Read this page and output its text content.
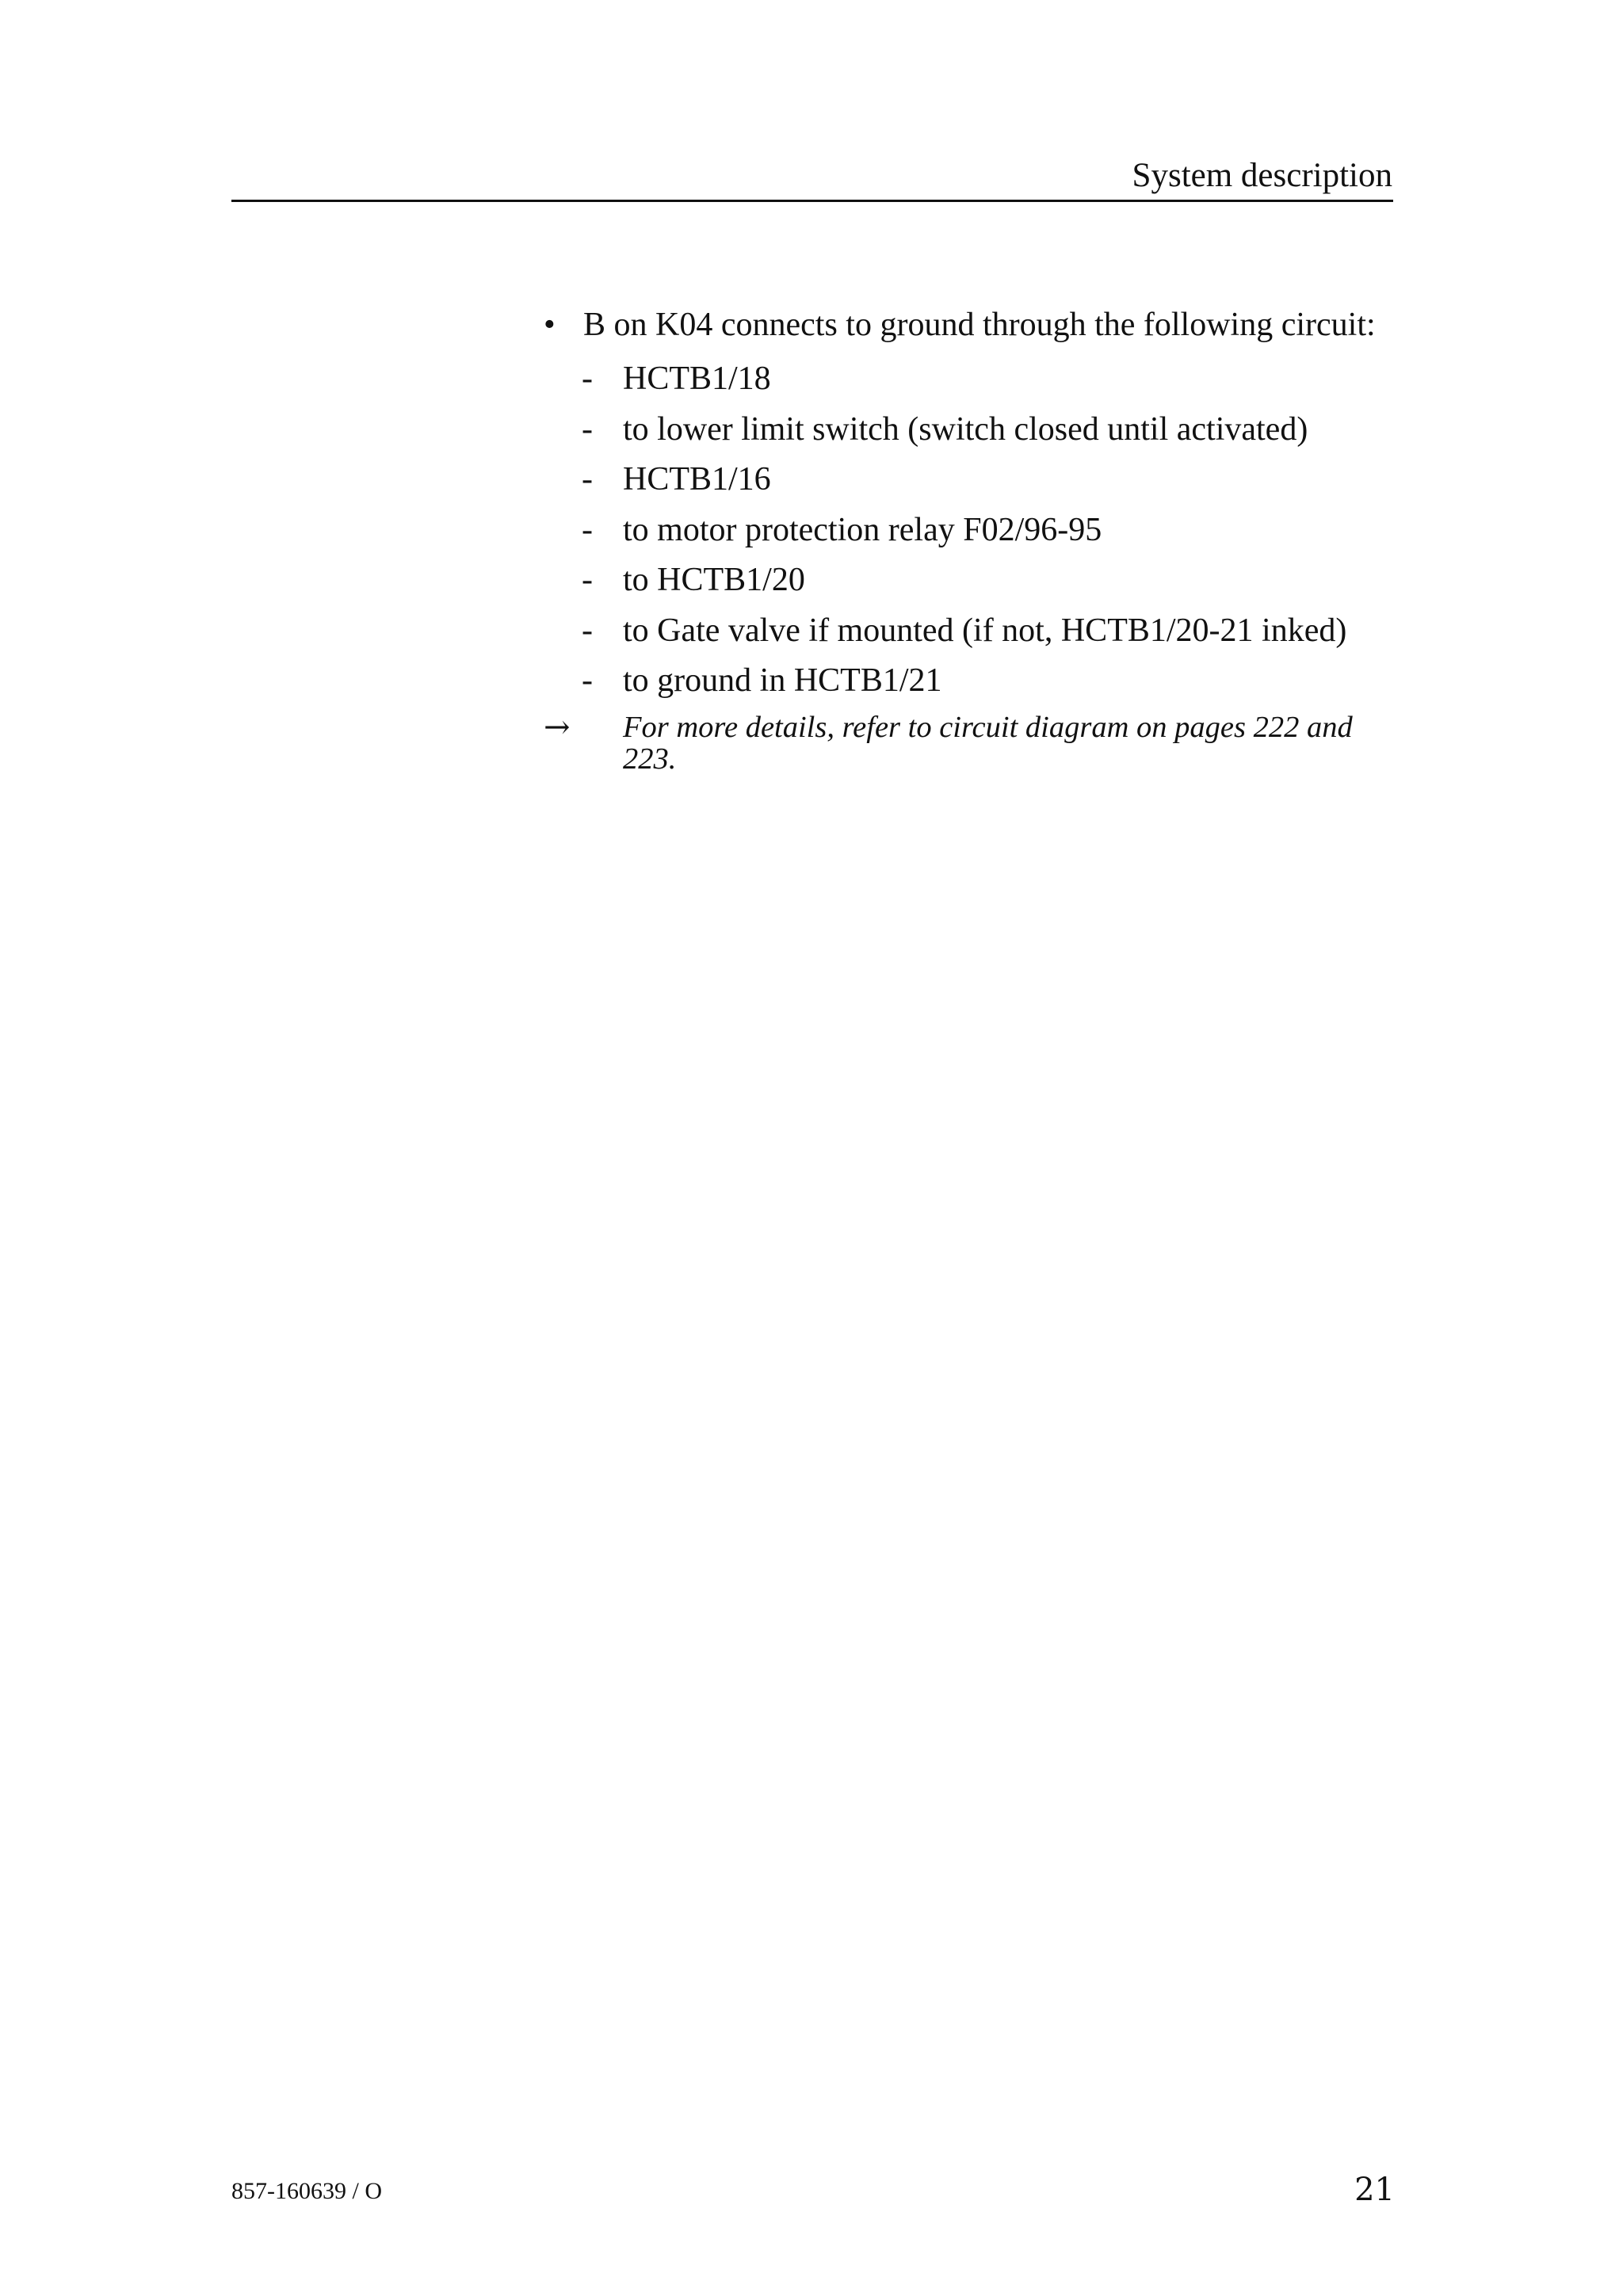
System description
• B on K04 connects to ground through the following circuit:
- HCTB1/18
- to lower limit switch (switch closed until activated)
- HCTB1/16
- to motor protection relay F02/96-95
- to HCTB1/20
- to Gate valve if mounted (if not, HCTB1/20-21 inked)
- to ground in HCTB1/21
→ For more details, refer to circuit diagram on pages 222 and 223.
857-160639 / O	21
